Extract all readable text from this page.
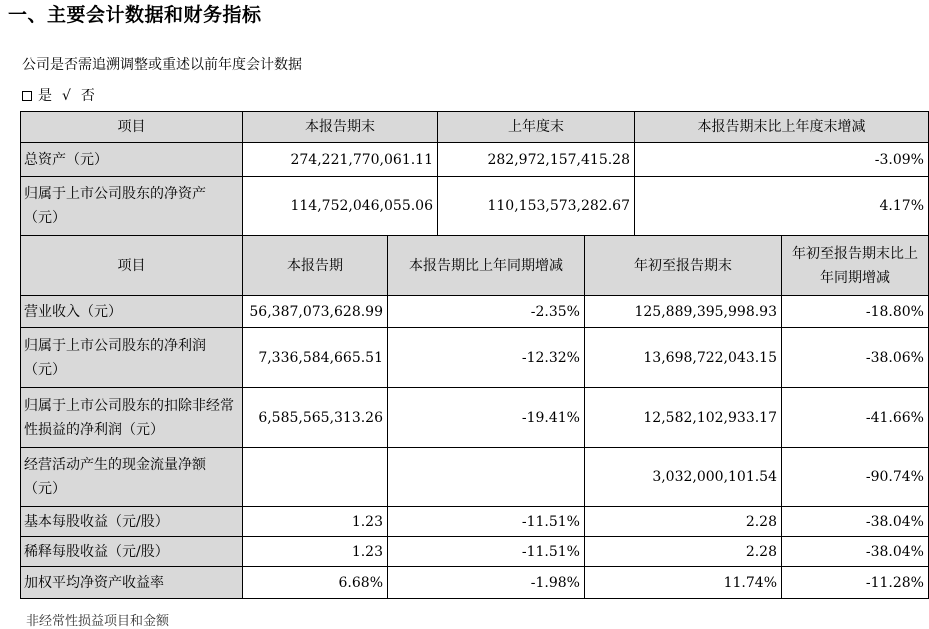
一、主要会计数据和财务指标
公司是否需追溯调整或重述以前年度会计数据
是 √ 否
项目	本报告期末		上年度末		本报告期末比上年度末增减	
总资产（元）	274,221,770,061.11		282,972,157,415.28		-3.09%	
归属于上市公司股东的净资产（元）	114,752,046,055.06		110,153,573,282.67		4.17%	
项目	本报告期	本报告期比上年同期增减		年初至报告期末		年初至报告期末比上年同期增减
营业收入（元）	56,387,073,628.99	-2.35%		125,889,395,998.93		-18.80%
归属于上市公司股东的净利润（元）	7,336,584,665.51	-12.32%		13,698,722,043.15		-38.06%
归属于上市公司股东的扣除非经常性损益的净利润（元）	6,585,565,313.26	-19.41%		12,582,102,933.17		-41.66%
经营活动产生的现金流量净额（元）				3,032,000,101.54		-90.74%
基本每股收益（元/股）	1.23	-11.51%		2.28		-38.04%
稀释每股收益（元/股）	1.23	-11.51%		2.28		-38.04%
加权平均净资产收益率	6.68%	-1.98%		11.74%		-11.28%
非经常性损益项目和金额
